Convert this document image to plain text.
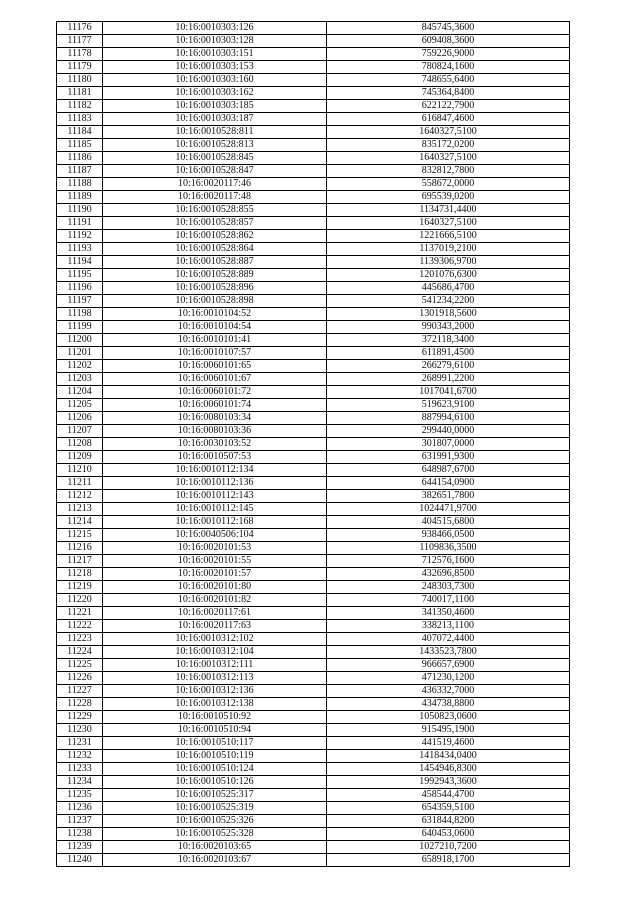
11176	10:16:0010303:126	845745,3600
11177	10:16:0010303:128	609408,3600
11178	10:16:0010303:151	759226,9000
11179	10:16:0010303:153	780824,1600
11180	10:16:0010303:160	748655,6400
11181	10:16:0010303:162	745364,8400
11182	10:16:0010303:185	622122,7900
11183	10:16:0010303:187	616847,4600
11184	10:16:0010528:811	1640327,5100
11185	10:16:0010528:813	835172,0200
11186	10:16:0010528:845	1640327,5100
11187	10:16:0010528:847	832812,7800
11188	10:16:0020117:46	558672,0000
11189	10:16:0020117:48	695539,0200
11190	10:16:0010528:855	1134731,4400
11191	10:16:0010528:857	1640327,5100
11192	10:16:0010528:862	1221666,5100
11193	10:16:0010528:864	1137019,2100
11194	10:16:0010528:887	1139306,9700
11195	10:16:0010528:889	1201076,6300
11196	10:16:0010528:896	445686,4700
11197	10:16:0010528:898	541234,2200
11198	10:16:0010104:52	1301918,5600
11199	10:16:0010104:54	990343,2000
11200	10:16:0010101:41	372118,3400
11201	10:16:0010107:57	611891,4500
11202	10:16:0060101:65	266279,6100
11203	10:16:0060101:67	268991,2200
11204	10:16:0060101:72	1017041,6700
11205	10:16:0060101:74	519623,9100
11206	10:16:0080103:34	887994,6100
11207	10:16:0080103:36	299440,0000
11208	10:16:0030103:52	301807,0000
11209	10:16:0010507:53	631991,9300
11210	10:16:0010112:134	648987,6700
11211	10:16:0010112:136	644154,0900
11212	10:16:0010112:143	382651,7800
11213	10:16:0010112:145	1024471,9700
11214	10:16:0010112:168	404515,6800
11215	10:16:0040506:104	938466,0500
11216	10:16:0020101:53	1109836,3500
11217	10:16:0020101:55	712576,1600
11218	10:16:0020101:57	432696,8500
11219	10:16:0020101:80	248303,7300
11220	10:16:0020101:82	740017,1100
11221	10:16:0020117:61	341350,4600
11222	10:16:0020117:63	338213,1100
11223	10:16:0010312:102	407072,4400
11224	10:16:0010312:104	1433523,7800
11225	10:16:0010312:111	966657,6900
11226	10:16:0010312:113	471230,1200
11227	10:16:0010312:136	436332,7000
11228	10:16:0010312:138	434738,8800
11229	10:16:0010510:92	1050823,0600
11230	10:16:0010510:94	915495,1900
11231	10:16:0010510:117	441519,4600
11232	10:16:0010510:119	1418434,0400
11233	10:16:0010510:124	1454946,8300
11234	10:16:0010510:126	1992943,3600
11235	10:16:0010525:317	458544,4700
11236	10:16:0010525:319	654359,5100
11237	10:16:0010525:326	631844,8200
11238	10:16:0010525:328	640453,0600
11239	10:16:0020103:65	1027210,7200
11240	10:16:0020103:67	658918,1700
